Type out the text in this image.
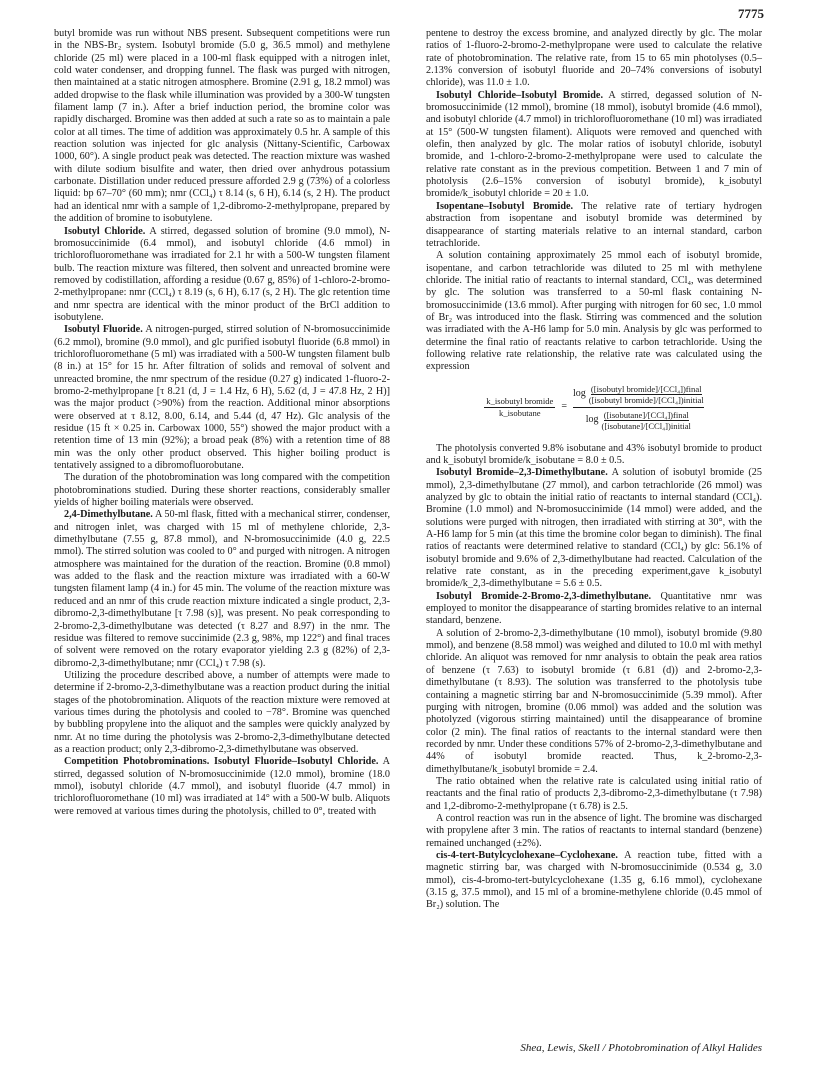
7775

butyl bromide was run without NBS present. Subsequent competitions were run in the NBS-Br₂ system. Isobutyl bromide (5.0 g, 36.5 mmol) and methylene chloride (25 ml) were placed in a 100-ml flask equipped with a nitrogen inlet, cold water condenser, and dropping funnel. The flask was purged with nitrogen, then maintained at a static nitrogen atmosphere. Bromine (2.91 g, 18.2 mmol) was added dropwise to the flask while illumination was provided by a 300-W tungsten filament lamp (7 in.). After a brief induction period, the bromine color was rapidly discharged. Bromine was then added at such a rate so as to maintain a pale color at all times. The time of addition was approximately 0.5 hr. A sample of this reaction solution was injected for glc analysis (Nittany-Scientific, Carbowax 1000, 60°). A single product peak was detected. The reaction mixture was washed with dilute sodium bisulfite and water, then dried over anhydrous potassium carbonate. Distillation under reduced pressure afforded 2.9 g (73%) of a colorless liquid: bp 67–70° (60 mm); nmr (CCl₄) τ 8.14 (s, 6 H), 6.14 (s, 2 H). The product had an identical nmr with a sample of 1,2-dibromo-2-methylpropane, prepared by the addition of bromine to isobutylene.

Isobutyl Chloride. A stirred, degassed solution of bromine (9.0 mmol), N-bromosuccinimide (6.4 mmol), and isobutyl chloride (4.6 mmol) in trichlorofluoromethane was irradiated for 2.1 hr with a 500-W tungsten filament bulb. The reaction mixture was filtered, then solvent and unreacted bromine were removed by codistillation, affording a residue (0.67 g, 85%) of 1-chloro-2-bromo-2-methylpropane: nmr (CCl₄) τ 8.19 (s, 6 H), 6.17 (s, 2 H). The glc retention time and nmr spectra are identical with the minor product of the BrCl addition to isobutylene.

Isobutyl Fluoride. A nitrogen-purged, stirred solution of N-bromosuccinimide (6.2 mmol), bromine (9.0 mmol), and glc purified isobutyl fluoride (6.8 mmol) in trichlorofluoromethane (5 ml) was irradiated with a 500-W tungsten filament bulb (8 in.) at 15° for 15 hr. After filtration of solids and removal of solvent and unreacted bromine, the nmr spectrum of the residue (0.27 g) indicated 1-fluoro-2-bromo-2-methylpropane [τ 8.21 (d, J = 1.4 Hz, 6 H), 5.62 (d, J = 47.8 Hz, 2 H)] was the major product (>90%) from the reaction. Additional minor absorptions were observed at τ 8.12, 8.00, 6.14, and 5.44 (d, 47 Hz). Glc analysis of the residue (15 ft × 0.25 in. Carbowax 1000, 55°) showed the major product with a retention time of 13 min (92%); a broad peak (8%) with a retention time of 88 min was the only other product observed. This higher boiling product is tentatively assigned to a dibromofluorobutane.

The duration of the photobromination was long compared with the competition photobrominations studied. During these shorter reactions, considerably smaller yields of higher boiling materials were observed.

2,4-Dimethylbutane. A 50-ml flask, fitted with a mechanical stirrer, condenser, and nitrogen inlet, was charged with 15 ml of methylene chloride, 2,3-dimethylbutane (7.55 g, 87.8 mmol), and N-bromosuccinimide (4.0 g, 22.5 mmol). The stirred solution was cooled to 0° and purged with nitrogen. A nitrogen atmosphere was maintained for the duration of the reaction. Bromine (0.8 mmol) was added to the flask and the reaction mixture was irradiated with a 60-W tungsten filament lamp (4 in.) for 45 min. The volume of the reaction mixture was reduced and an nmr of this crude reaction mixture indicated a single product, 2,3-dibromo-2,3-dimethylbutane [τ 7.98 (s)], was present. No peak corresponding to 2-bromo-2,3-dimethylbutane was detected (τ 8.27 and 8.97) in the nmr. The residue was filtered to remove succinimide (2.3 g, 98%, mp 122°) and final traces of solvent were removed on the rotary evaporator yielding 2.3 g (82%) of 2,3-dibromo-2,3-dimethylbutane; nmr (CCl₄) τ 7.98 (s).

Utilizing the procedure described above, a number of attempts were made to determine if 2-bromo-2,3-dimethylbutane was a reaction product during the initial stages of the photobromination. Aliquots of the reaction mixture were removed at various times during the photolysis and cooled to −78°. Bromine was quenched by bubbling propylene into the aliquot and the samples were quickly analyzed by nmr. At no time during the photolysis was 2-bromo-2,3-dimethylbutane detected as a reaction product; only 2,3-dibromo-2,3-dimethylbutane was observed.

Competition Photobrominations. Isobutyl Fluoride–Isobutyl Chloride. A stirred, degassed solution of N-bromosuccinimide (12.0 mmol), bromine (18.0 mmol), isobutyl chloride (4.7 mmol), and isobutyl fluoride (4.7 mmol) in trichlorofluoromethane (10 ml) was irradiated at 14° with a 500-W bulb. Aliquots were removed at various times during the photolysis, chilled to 0°, treated with

pentene to destroy the excess bromine, and analyzed directly by glc. The molar ratios of 1-fluoro-2-bromo-2-methylpropane were used to calculate the relative rate of photobromination. The relative rate, from 15 to 65 min photolyses (0.5–2.13% conversion of isobutyl fluoride and 20–74% conversions of isobutyl chloride), was 11.0 ± 1.0.

Isobutyl Chloride–Isobutyl Bromide. A stirred, degassed solution of N-bromosuccinimide (12 mmol), bromine (18 mmol), isobutyl bromide (4.6 mmol), and isobutyl chloride (4.7 mmol) in trichlorofluoromethane (10 ml) was irradiated at 15° (500-W tungsten filament). Aliquots were removed and quenched with olefin, then analyzed by glc. The molar ratios of isobutyl chloride, isobutyl bromide, and 1-chloro-2-bromo-2-methylpropane were used to calculate the relative rate constant as in the previous competition. Between 1 and 7 min of photolysis (2.6–15% conversion of isobutyl bromide), k_isobutyl bromide/k_isobutyl chloride = 20 ± 1.0.

Isopentane–Isobutyl Bromide. The relative rate of tertiary hydrogen abstraction from isopentane and isobutyl bromide was determined by disappearance of starting materials relative to an internal standard, carbon tetrachloride.

A solution containing approximately 25 mmol each of isobutyl bromide, isopentane, and carbon tetrachloride was diluted to 25 ml with methylene chloride. The initial ratio of reactants to internal standard, CCl₄, was determined by glc. The solution was transferred to a 50-ml flask containing N-bromosuccinimide (13.6 mmol). After purging with nitrogen for 60 sec, 1.0 mmol of Br₂ was introduced into the flask. Stirring was commenced and the solution was irradiated with the A-H6 lamp for 5.0 min. Analysis by glc was performed to determine the final ratio of reactants relative to carbon tetrachloride. Using the following relative rate relationship, the relative rate was calculated using the expression

$\frac{\text{k\_isobutyl bromide}}{\text{k\_isobutane}}$ =
$\log \frac{\text{([isobutyl bromide]/[CCl₄])final}}{\text{([isobutyl bromide]/[CCl₄])initial}}$
$\log \frac{\text{([isobutane]/[CCl₄])final}}{\text{([isobutane]/[CCl₄])initial}}$

The photolysis converted 9.8% isobutane and 43% isobutyl bromide to product and k_isobutyl bromide/k_isobutane = 8.0 ± 0.5.

Isobutyl Bromide–2,3-Dimethylbutane. A solution of isobutyl bromide (25 mmol), 2,3-dimethylbutane (27 mmol), and carbon tetrachloride (26 mmol) was analyzed by glc to obtain the initial ratio of reactants to internal standard (CCl₄). Bromine (1.0 mmol) and N-bromosuccinimide (14 mmol) were added, and the solutions were purged with nitrogen, then irradiated with stirring at 30°, with the A-H6 lamp for 5 min (at this time the bromine color began to diminish). The final ratios of reactants were determined relative to standard (CCl₄) by glc: 56.1% of isobutyl bromide and 9.6% of 2,3-dimethylbutane had reacted. Calculation of the relative rate constant, as in the preceding experiment,gave k_isobutyl bromide/k_2,3-dimethylbutane = 5.6 ± 0.5.

Isobutyl Bromide-2-Bromo-2,3-dimethylbutane. Quantitative nmr was employed to monitor the disappearance of starting bromides relative to an internal standard, benzene.

A solution of 2-bromo-2,3-dimethylbutane (10 mmol), isobutyl bromide (9.80 mmol), and benzene (8.58 mmol) was weighed and diluted to 10.0 ml with methyl chloride. An aliquot was removed for nmr analysis to obtain the peak area ratios of benzene (τ 7.63) to isobutyl bromide (τ 6.81 (d)) and 2-bromo-2,3-dimethylbutane (τ 8.93). The solution was transferred to the photolysis tube containing a magnetic stirring bar and N-bromosuccinimide (5.39 mmol). After purging with nitrogen, bromine (0.06 mmol) was added and the solution was photolyzed (vigorous stirring maintained) until the disappearance of bromine color (2 min). The final ratios of reactants to the internal standard were then recorded by nmr. Under these conditions 57% of 2-bromo-2,3-dimethylbutane and 44% of isobutyl bromide reacted. Thus, k_2-bromo-2,3-dimethylbutane/k_isobutyl bromide = 2.4.

The ratio obtained when the relative rate is calculated using initial ratio of reactants and the final ratio of products 2,3-dibromo-2,3-dimethylbutane (τ 7.98) and 1,2-dibromo-2-methylpropane (τ 6.78) is 2.5.

A control reaction was run in the absence of light. The bromine was discharged with propylene after 3 min. The ratios of reactants to internal standard (benzene) remained unchanged (±2%).

cis-4-tert-Butylcyclohexane–Cyclohexane. A reaction tube, fitted with a magnetic stirring bar, was charged with N-bromosuccinimide (0.534 g, 3.0 mmol), cis-4-bromo-tert-butylcyclohexane (1.35 g, 6.16 mmol), cyclohexane (3.15 g, 37.5 mmol), and 15 ml of a bromine-methylene chloride (0.45 mmol of Br₂) solution. The

Shea, Lewis, Skell / Photobromination of Alkyl Halides
